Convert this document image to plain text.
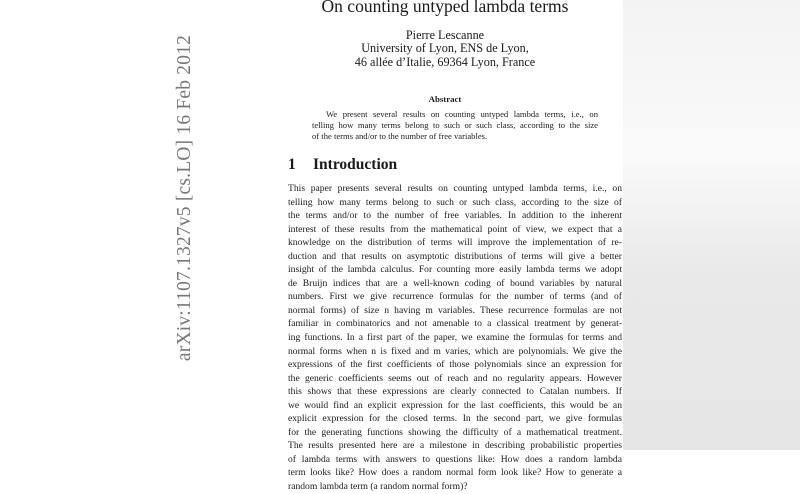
arXiv:1107.1327v5 [cs.LO] 16 Feb 2012
On counting untyped lambda terms
Pierre Lescanne
University of Lyon, ENS de Lyon,
46 allée d’Italie, 69364 Lyon, France
Abstract
We present several results on counting untyped lambda terms, i.e., on
telling how many terms belong to such or such class, according to the size
of the terms and/or to the number of free variables.
1 Introduction
This paper presents several results on counting untyped lambda terms, i.e., on
telling how many terms belong to such or such class, according to the size of
the terms and/or to the number of free variables. In addition to the inherent
interest of these results from the mathematical point of view, we expect that a
knowledge on the distribution of terms will improve the implementation of re-
duction and that results on asymptotic distributions of terms will give a better
insight of the lambda calculus. For counting more easily lambda terms we adopt
de Bruijn indices that are a well-known coding of bound variables by natural
numbers. First we give recurrence formulas for the number of terms (and of
normal forms) of size n having m variables. These recurrence formulas are not
familiar in combinatorics and not amenable to a classical treatment by generat-
ing functions. In a first part of the paper, we examine the formulas for terms and
normal forms when n is fixed and m varies, which are polynomials. We give the
expressions of the first coefficients of those polynomials since an expression for
the generic coefficients seems out of reach and no regularity appears. However
this shows that these expressions are clearly connected to Catalan numbers. If
we would find an explicit expression for the last coefficients, this would be an
explicit expression for the closed terms. In the second part, we give formulas
for the generating functions showing the difficulty of a mathematical treatment.
The results presented here are a milestone in describing probabilistic properties
of lambda terms with answers to questions like: How does a random lambda
term looks like? How does a random normal form look like? How to generate a
random lambda term (a random normal form)?
